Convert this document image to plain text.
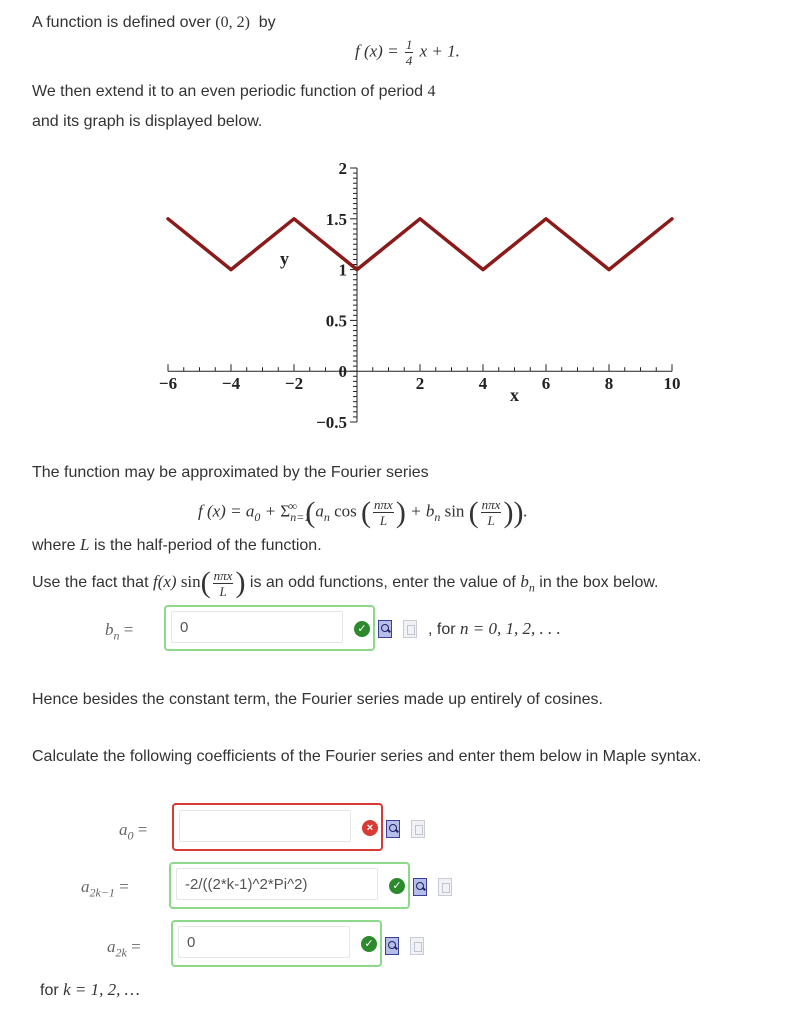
A function is defined over (0, 2) by
f $(x) = \frac{1}{4}$ x + 1.
We then extend it to an even periodic function of period 4
and its graph is displayed below.
−6	−4	−2	2	4	6	8	10
2
1.5
1
0.5
0
−0.5
x
y
The function may be approximated by the Fourier series
f $(x) = a_0 + \Sigma_{n=1}^\infty$ ($a_n$ cos ( $\frac{\text{nπx}}{L}$ ) + $b_n$ sin ( $\frac{\text{nπx}}{L}$ )).
where L is the half-period of the function.
Use the fact that f(x) $\sin( \frac{\text{nπx}}{L}$ ) is an odd functions, enter the value of $b_n$ in the box below.
$b_n$ =
0	✓	, for n = 0, 1, 2, . . .
Hence besides the constant term, the Fourier series made up entirely of cosines.
Calculate the following coefficients of the Fourier series and enter them below in Maple syntax.
$a_0$ =	×
$a_{2k-1}$ =
-2/((2*k-1)^2*Pi^2)	✓
$a_{2k}$ =
0	✓
for k = 1, 2, …
